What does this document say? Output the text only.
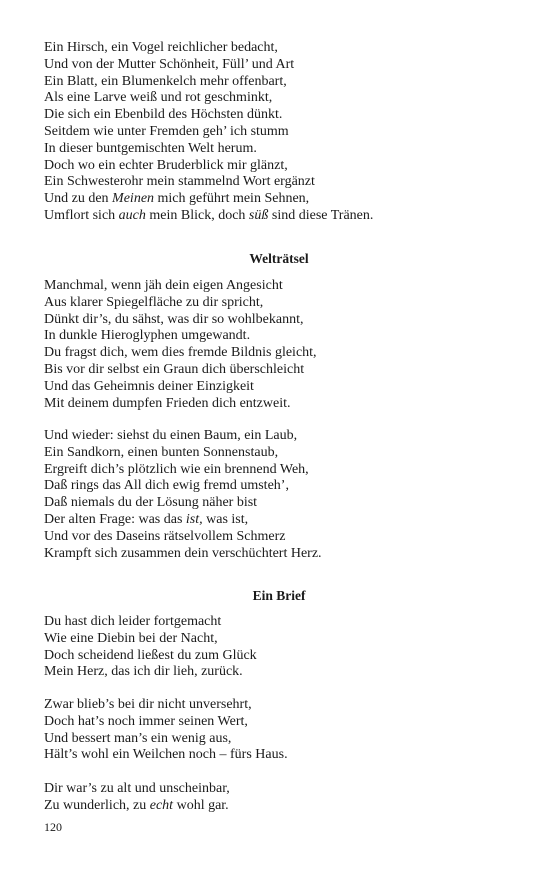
Ein Hirsch, ein Vogel reichlicher bedacht,
Und von der Mutter Schönheit, Füll’ und Art
Ein Blatt, ein Blumenkelch mehr offenbart,
Als eine Larve weiß und rot geschminkt,
Die sich ein Ebenbild des Höchsten dünkt.
Seitdem wie unter Fremden geh’ ich stumm
In dieser buntgemischten Welt herum.
Doch wo ein echter Bruderblick mir glänzt,
Ein Schwesterohr mein stammelnd Wort ergänzt
Und zu den Meinen mich geführt mein Sehnen,
Umflort sich auch mein Blick, doch süß sind diese Tränen.
Welträtsel
Manchmal, wenn jäh dein eigen Angesicht
Aus klarer Spiegelfläche zu dir spricht,
Dünkt dir’s, du sähst, was dir so wohlbekannt,
In dunkle Hieroglyphen umgewandt.
Du fragst dich, wem dies fremde Bildnis gleicht,
Bis vor dir selbst ein Graun dich überschleicht
Und das Geheimnis deiner Einzigkeit
Mit deinem dumpfen Frieden dich entzweit.
Und wieder: siehst du einen Baum, ein Laub,
Ein Sandkorn, einen bunten Sonnenstaub,
Ergreift dich’s plötzlich wie ein brennend Weh,
Daß rings das All dich ewig fremd umsteh’,
Daß niemals du der Lösung näher bist
Der alten Frage: was das ist, was ist,
Und vor des Daseins rätselvollem Schmerz
Krampft sich zusammen dein verschüchtert Herz.
Ein Brief
Du hast dich leider fortgemacht
Wie eine Diebin bei der Nacht,
Doch scheidend ließest du zum Glück
Mein Herz, das ich dir lieh, zurück.
Zwar blieb’s bei dir nicht unversehrt,
Doch hat’s noch immer seinen Wert,
Und bessert man’s ein wenig aus,
Hält’s wohl ein Weilchen noch – fürs Haus.
Dir war’s zu alt und unscheinbar,
Zu wunderlich, zu echt wohl gar.
120
